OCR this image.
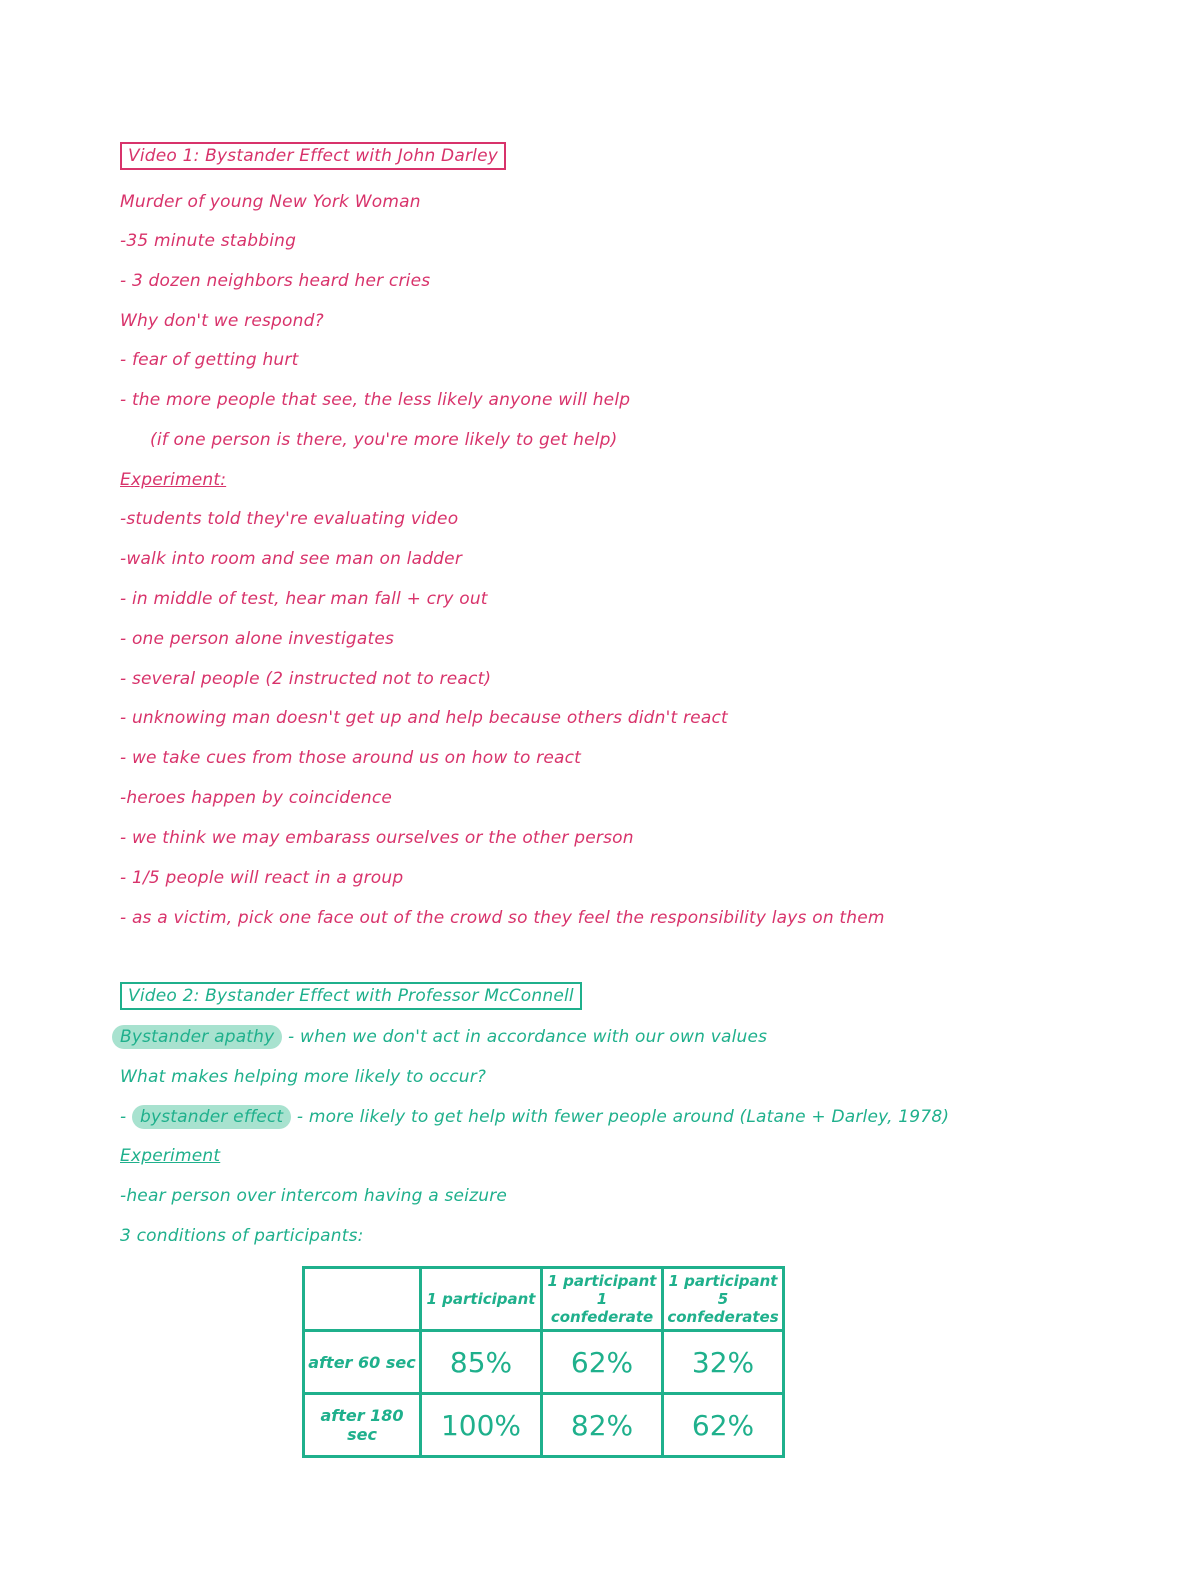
Video 1: Bystander Effect with John Darley
Murder of young New York Woman
-35 minute stabbing
- 3 dozen neighbors heard her cries
Why don't we respond?
- fear of getting hurt
- the more people that see, the less likely anyone will help
(if one person is there, you're more likely to get help)
Experiment:
-students told they're evaluating video
-walk into room and see man on ladder
- in middle of test, hear man fall + cry out
- one person alone investigates
- several people (2 instructed not to react)
- unknowing man doesn't get up and help because others didn't react
- we take cues from those around us on how to react
-heroes happen by coincidence
- we think we may embarass ourselves or the other person
- 1/5 people will react in a group
- as a victim, pick one face out of the crowd so they feel the responsibility lays on them
Video 2: Bystander Effect with Professor McConnell
Bystander apathy - when we don't act in accordance with our own values
What makes helping more likely to occur?
- bystander effect - more likely to get help with fewer people around (Latane + Darley, 1978)
Experiment
-hear person over intercom having a seizure
3 conditions of participants:
	1 participant	1 participant 1 confederate	1 participant 5 confederates
after 60 sec	85%	62%	32%
after 180 sec	100%	82%	62%
